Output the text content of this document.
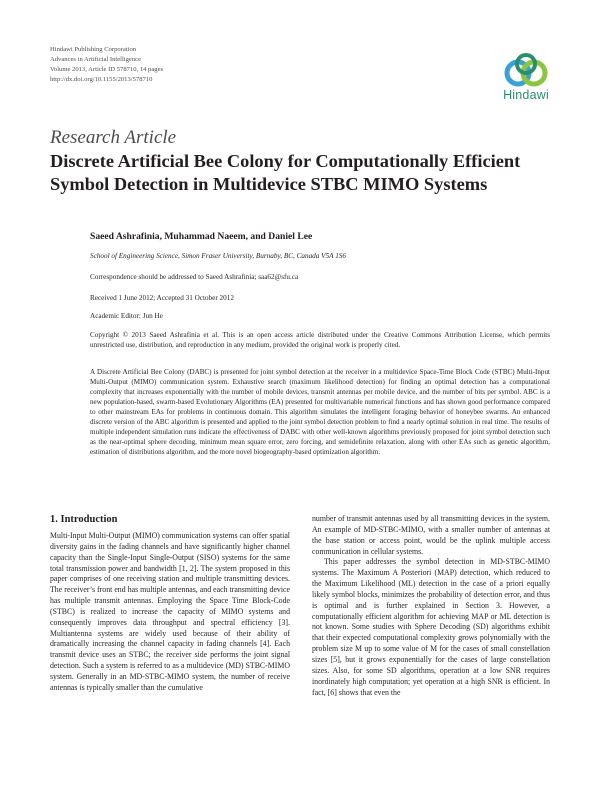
Hindawi Publishing Corporation
Advances in Artificial Intelligence
Volume 2013, Article ID 578710, 14 pages
http://dx.doi.org/10.1155/2013/578710
Hindawi
Research Article
Discrete Artificial Bee Colony for Computationally Efficient
Symbol Detection in Multidevice STBC MIMO Systems
Saeed Ashrafinia, Muhammad Naeem, and Daniel Lee
School of Engineering Science, Simon Fraser University, Burnaby, BC, Canada V5A 1S6
Correspondence should be addressed to Saeed Ashrafinia; saa62@sfu.ca
Received 1 June 2012; Accepted 31 October 2012
Academic Editor: Jun He
Copyright © 2013 Saeed Ashrafinia et al. This is an open access article distributed under the Creative Commons Attribution License, which permits unrestricted use, distribution, and reproduction in any medium, provided the original work is properly cited.
A Discrete Artificial Bee Colony (DABC) is presented for joint symbol detection at the receiver in a multidevice Space-Time Block Code (STBC) Multi-Input Multi-Output (MIMO) communication system. Exhaustive search (maximum likelihood detection) for finding an optimal detection has a computational complexity that increases exponentially with the number of mobile devices, transmit antennas per mobile device, and the number of bits per symbol. ABC is a new population-based, swarm-based Evolutionary Algorithms (EA) presented for multivariable numerical functions and has shown good performance compared to other mainstream EAs for problems in continuous domain. This algorithm simulates the intelligent foraging behavior of honeybee swarms. An enhanced discrete version of the ABC algorithm is presented and applied to the joint symbol detection problem to find a nearly optimal solution in real time. The results of multiple independent simulation runs indicate the effectiveness of DABC with other well-known algorithms previously proposed for joint symbol detection such as the near-optimal sphere decoding, minimum mean square error, zero forcing, and semidefinite relaxation, along with other EAs such as genetic algorithm, estimation of distributions algorithm, and the more novel biogeography-based optimization algorithm.
1. Introduction

Multi-Input Multi-Output (MIMO) communication systems can offer spatial diversity gains in the fading channels and have significantly higher channel capacity than the Single-Input Single-Output (SISO) systems for the same total transmission power and bandwidth [1, 2]. The system proposed in this paper comprises of one receiving station and multiple transmitting devices. The receiver’s front end has multiple antennas, and each transmitting device has multiple transmit antennas. Employing the Space Time Block-Code (STBC) is realized to increase the capacity of MIMO systems and consequently improves data throughput and spectral efficiency [3]. Multiantenna systems are widely used because of their ability of dramatically increasing the channel capacity in fading channels [4]. Each transmit device uses an STBC; the receiver side performs the joint signal detection. Such a system is referred to as a multidevice (MD) STBC-MIMO system. Generally in an MD-STBC-MIMO system, the number of receive antennas is typically smaller than the cumulative

number of transmit antennas used by all transmitting devices in the system. An example of MD-STBC-MIMO, with a smaller number of antennas at the base station or access point, would be the uplink multiple access communication in cellular systems.

This paper addresses the symbol detection in MD-STBC-MIMO systems. The Maximum A Posteriori (MAP) detection, which reduced to the Maximum Likelihood (ML) detection in the case of a priori equally likely symbol blocks, minimizes the probability of detection error, and thus is optimal and is further explained in Section 3. However, a computationally efficient algorithm for achieving MAP or ML detection is not known. Some studies with Sphere Decoding (SD) algorithms exhibit that their expected computational complexity grows polynomially with the problem size M up to some value of M for the cases of small constellation sizes [5], but it grows exponentially for the cases of large constellation sizes. Also, for some SD algorithms, operation at a low SNR requires inordinately high computation; yet operation at a high SNR is efficient. In fact, [6] shows that even the
